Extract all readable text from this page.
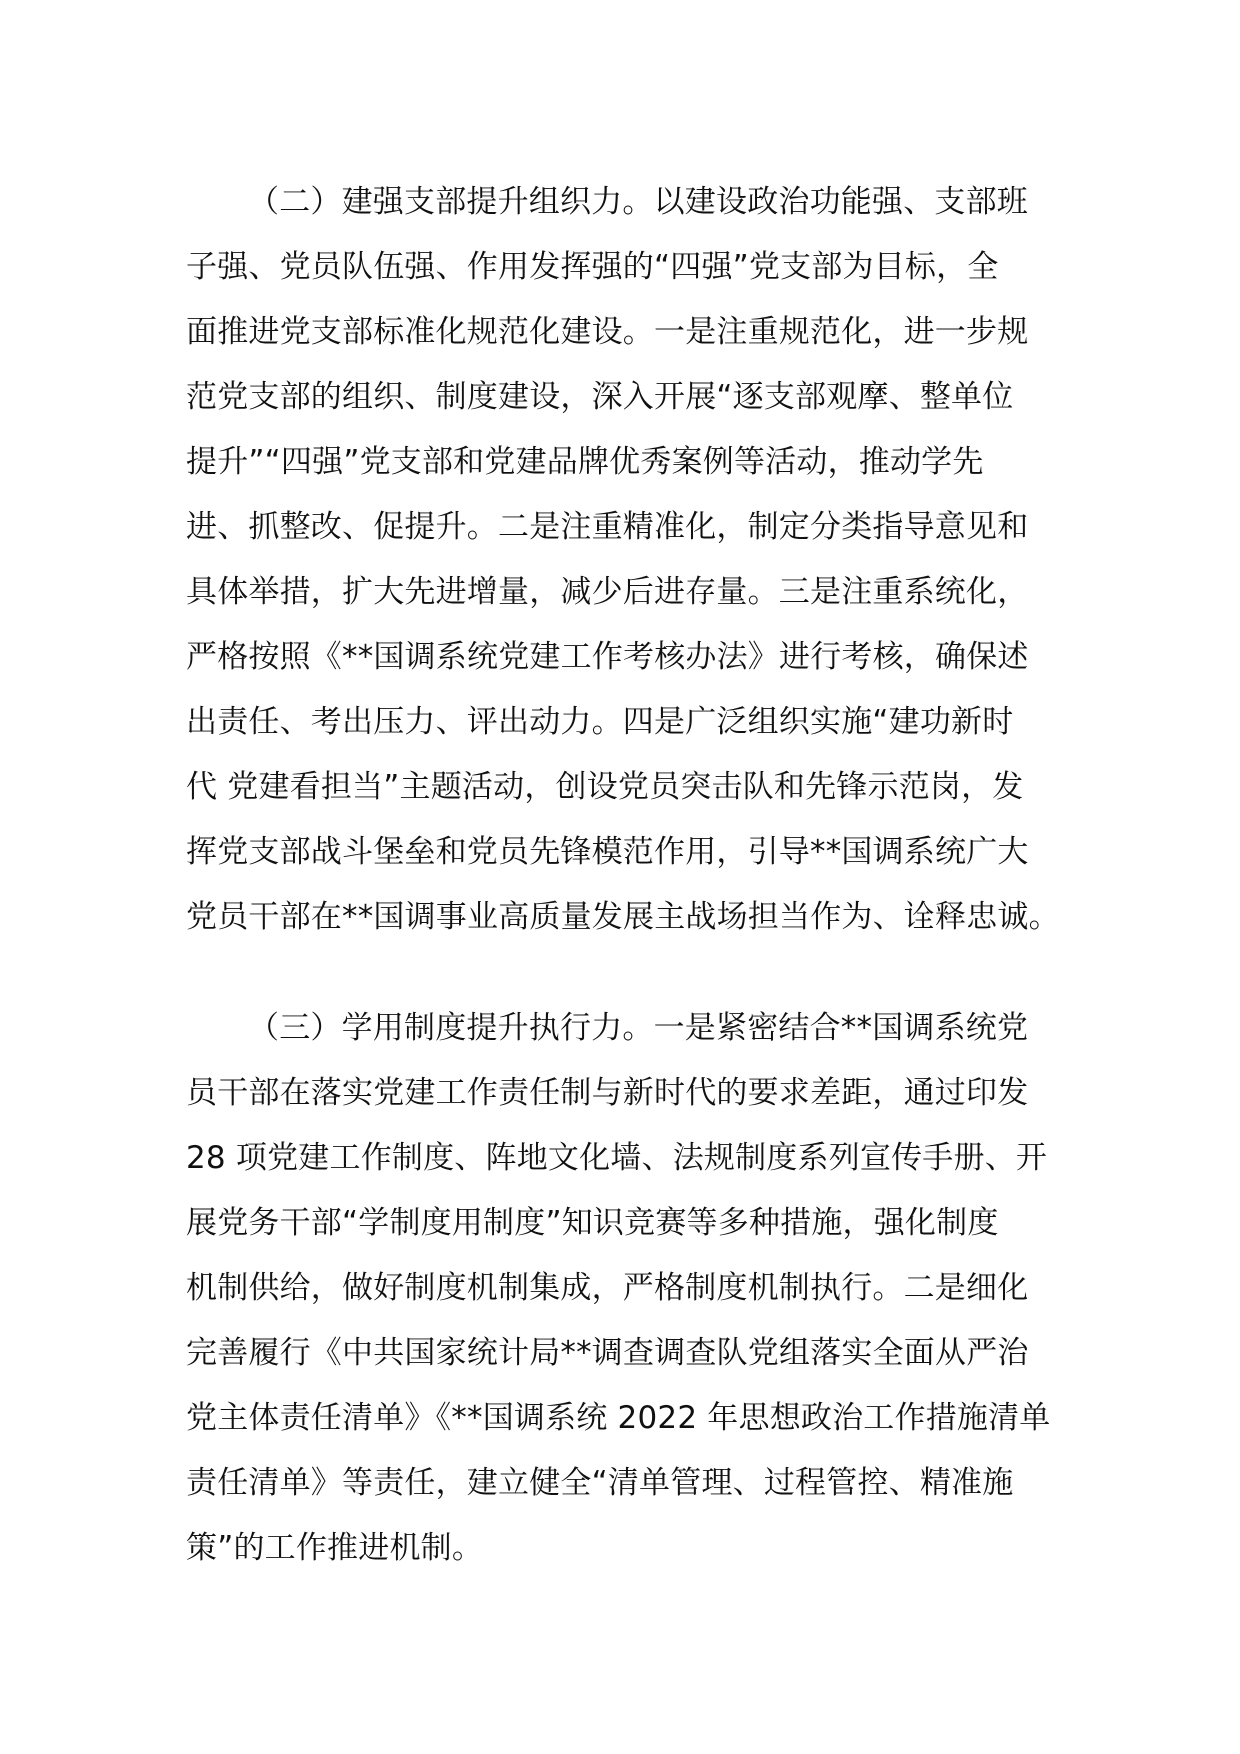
（二）建强支部提升组织力。以建设政治功能强、支部班
子强、党员队伍强、作用发挥强的“四强”党支部为目标，全
面推进党支部标准化规范化建设。一是注重规范化，进一步规
范党支部的组织、制度建设，深入开展“逐支部观摩、整单位
提升”“四强”党支部和党建品牌优秀案例等活动，推动学先
进、抓整改、促提升。二是注重精准化，制定分类指导意见和
具体举措，扩大先进增量，减少后进存量。三是注重系统化，
严格按照《**国调系统党建工作考核办法》进行考核，确保述
出责任、考出压力、评出动力。四是广泛组织实施“建功新时
代 党建看担当”主题活动，创设党员突击队和先锋示范岗，发
挥党支部战斗堡垒和党员先锋模范作用，引导**国调系统广大
党员干部在**国调事业高质量发展主战场担当作为、诠释忠诚。
（三）学用制度提升执行力。一是紧密结合**国调系统党
员干部在落实党建工作责任制与新时代的要求差距，通过印发
28 项党建工作制度、阵地文化墙、法规制度系列宣传手册、开
展党务干部“学制度用制度”知识竞赛等多种措施，强化制度
机制供给，做好制度机制集成，严格制度机制执行。二是细化
完善履行《中共国家统计局**调查调查队党组落实全面从严治
党主体责任清单》《**国调系统 2022 年思想政治工作措施清单
责任清单》等责任，建立健全“清单管理、过程管控、精准施
策”的工作推进机制。
